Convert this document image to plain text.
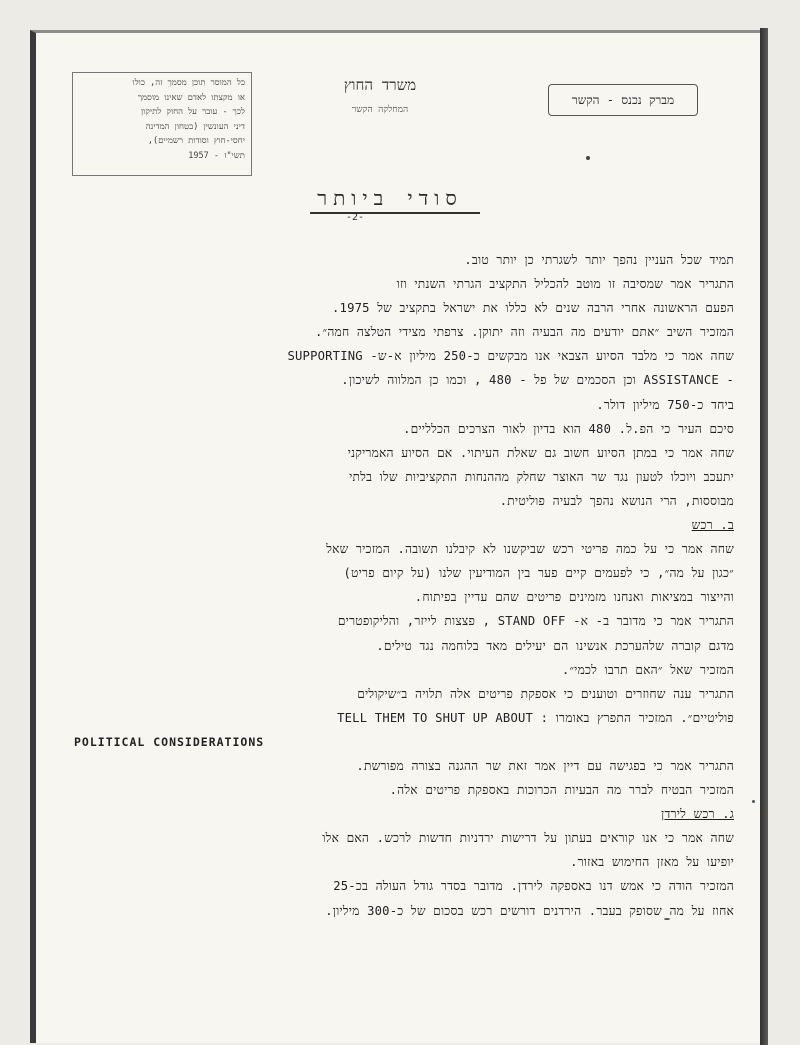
כל המוסר תוכן מסמך זה, כולו
או מקצתו לאדם שאינו מוסמך
לכך - עובר על החוק לתיקון
דיני העונשין (בטחון המדינה
יחסי-חוץ וסודות רשמיים),
תשי"ז - 1957
משרד החוץ
המחלקה הקשר
מברק נכנס - הקשר
סודי ביותר
-2-

תמיד שכל העניין נהפך יותר לשגרתי כן יותר טוב.

התגריר אמר שמסיבה זו מוטב להכליל התקציב הגרתי השנתי וזו

הפעם הראשונה אחרי הרבה שנים לא כללו את ישראל בתקציב של 1975.

המזכיר השיב ״אתם יודעים מה הבעיה וזה יתוקן. צרפתי מצידי הטלצה חמה״.

שחה אמר כי מלבד הסיוע הצבאי אנו מבקשים כ-250 מיליון א-ש- SUPPORTING

- ASSISTANCE וכן הסכמים של פל - 480 , וכמו כן המלווה לשיכון.

ביחד כ-750 מיליון דולר.

סיכם העיר כי הפ.ל. 480 הוא בדיון לאור הצרכים הכלליים.

שחה אמר כי במתן הסיוע חשוב גם שאלת העיתוי. אם הסיוע האמריקני

יתעכב ויוכלו לטעון נגד שר האוצר שחלק מההנחות התקציביות שלו בלתי

מבוססות, הרי הנושא נהפך לבעיה פוליטית.

ב. רכש

שחה אמר כי על כמה פריטי רכש שביקשנו לא קיבלנו תשובה. המזכיר שאל

״כגון על מה״, כי לפעמים קיים פער בין המודיעין שלנו (על קיום פריט)

והייצור במציאות ואנחנו מזמינים פריטים שהם עדיין בפיתוח.

התגריר אמר כי מדובר ב- א- STAND OFF , פצצות לייזר, והליקופטרים

מדגם קוברה שלהערכת אנשינו הם יעילים מאד בלוחמה נגד טילים.

המזכיר שאל ״האם תרבו לכמי״.

התגריר ענה שחוזרים וטוענים כי אספקת פריטים אלה תלויה ב״שיקולים

פוליטיים״. המזכיר התפרץ באומרו : TELL THEM TO SHUT UP ABOUT

POLITICAL CONSIDERATIONS

התגריר אמר כי בפגישה עם דיין אמר זאת שר ההגנה בצורה מפורשת.

המזכיר הבטיח לברר מה הבעיות הכרוכות באספקת פריטים אלה.

ג. רכש לירדן

שחה אמר כי אנו קוראים בעתון על דרישות ירדניות חדשות לרכש. האם אלו

יופיעו על מאזן החימוש באזור.

המזכיר הודה כי אמש דנו באספקה לירדן. מדובר בסדר גודל העולה בכ-25

אחוז על מה שסופק בעבר. הירדנים דורשים רכש בסכום של כ-300 מיליון.
